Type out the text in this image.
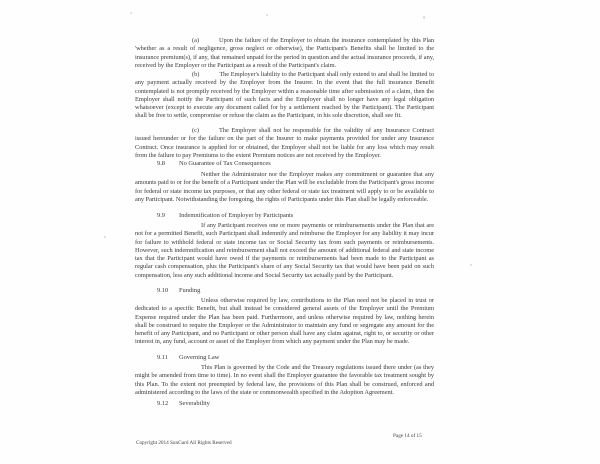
(a)	Upon the failure of the Employer to obtain the insurance contemplated by this Plan 'whether as a result of negligence, gross neglect or otherwise), the Participant's Benefits shall be limited to the insurance premium(s), if any, that remained unpaid for the period in question and the actual insurance proceeds, if any, received by the Employer or the Participant as a result of the Participant's claim.

(b)	The Employer's liability to the Participant shall only extend to and shall be limited to any payment actually received by the Employer from the Insurer. In the event that the full insurance Benefit contemplated is not promptly received by the Employer within a reasonable time after submission of a claim, then the Employer shall notify the Participant of such facts and the Employer shall no longer have any legal obligation whatsoever (except to execute any document called for by a settlement reached by the Participant). The Participant shall be free to settle, compromise or refuse the claim as the Participant, in his sole discretion, shall see fit.

(c)	The Employer shall not be responsible for the validity of any Insurance Contract issued hereunder or for the failure on the part of the Insurer to make payments provided for under any Insurance Contract. Once insurance is applied for or obtained, the Employer shall not be liable for any loss which may result from the failure to pay Premiums to the extent Premium notices are not received by the Employer.

9.8 No Guarantee of Tax Consequences

Neither the Administrator nor the Employer makes any commitment or guarantee that any amounts paid to or for the benefit of a Participant under the Plan will be excludable from the Participant's gross income for federal or state income tax purposes, or that any other federal or state tax treatment will apply to or be available to any Participant. Notwithstanding the foregoing, the rights of Participants under this Plan shall be legally enforceable.

9.9 Indemnification of Employer by Participants

If any Participant receives one or more payments or reimbursements under the Plan that are not for a permitted Benefit, such Participant shall indemnify and reimburse the Employer for any liability it may incur for failure to withhold federal or state income tax or Social Security tax from such payments or reimbursements. However, such indemnification and reimbursement shall not exceed the amount of additional federal and state income tax that the Participant would have owed if the payments or reimbursements had been made to the Participant as regular cash compensation, plus the Participant's share of any Social Security tax that would have been paid on such compensation, less any such additional income and Social Security tax actually paid by the Participant.

9.10 Funding

Unless otherwise required by law, contributions to the Plan need not be placed in trust or dedicated to a specific Benefit, but shall instead be considered general assets of the Employer until the Premium Expense required under the Plan has been paid. Furthermore, and unless otherwise required by law, nothing herein shall be construed to require the Employer or the Administrator to maintain any fund or segregate any amount for the benefit of any Participant, and no Participant or other person shall have any claim against, right to, or security or other interest in, any fund, account or asset of the Employer from which any payment under the Plan may be made.

9.11 Governing Law

This Plan is governed by the Code and the Treasury regulations issued there under (as they might be amended from time to time). In no event shall the Employer guarantee the favorable tax treatment sought by this Plan. To the extent not preempted by federal law, the provisions of this Plan shall be construed, enforced and administered according to the laws of the state or commonwealth specified in the Adoption Agreement.

9.12 Severability
Page 14 of 15
Copyright 2014 SunGard All Rights Reserved
